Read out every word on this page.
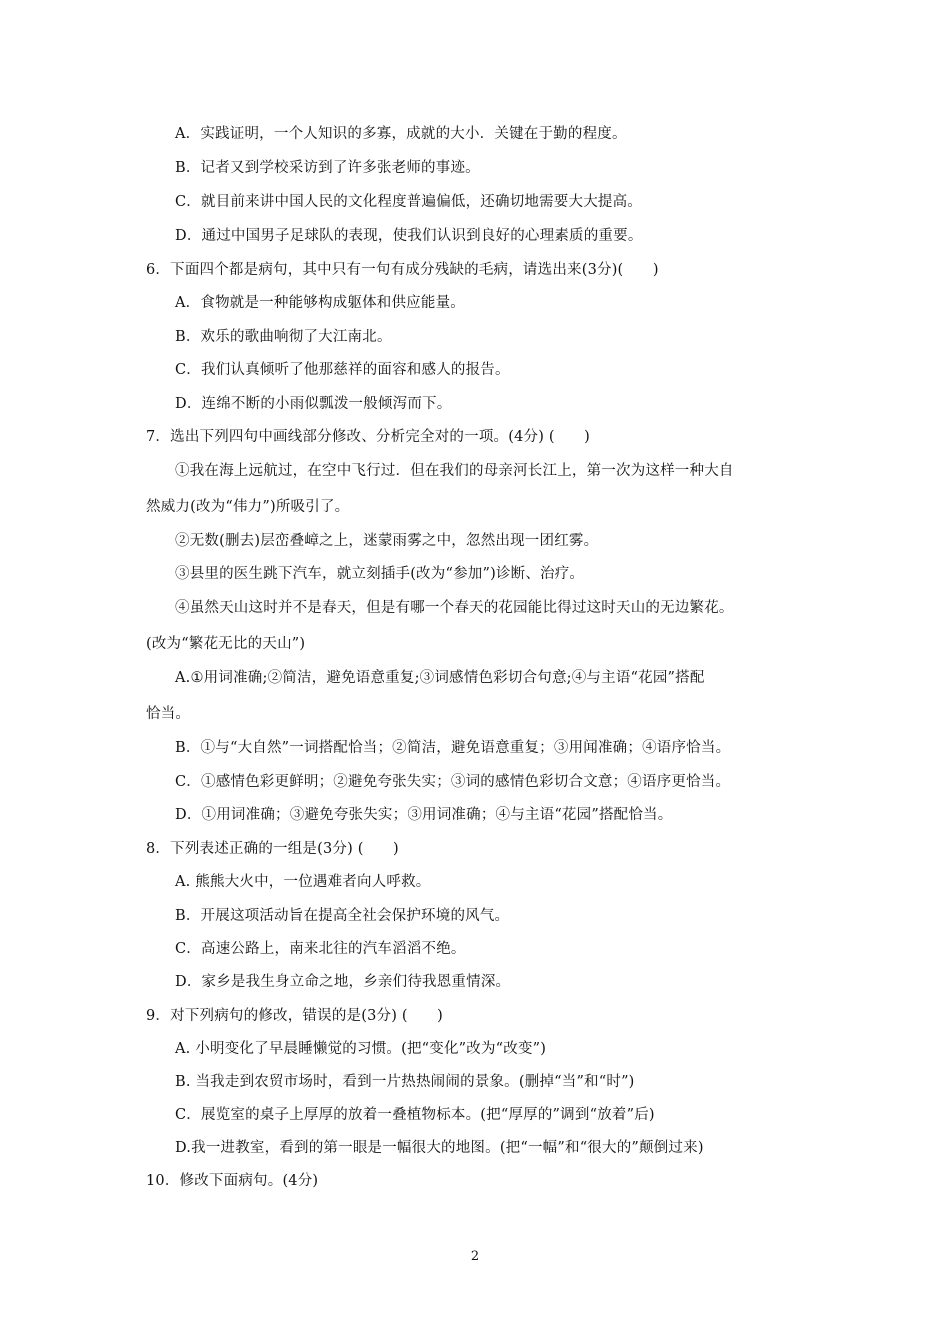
A．实践证明，一个人知识的多寡，成就的大小．关键在于勤的程度。
B．记者又到学校采访到了许多张老师的事迹。
C．就目前来讲中国人民的文化程度普遍偏低，还确切地需要大大提高。
D．通过中国男子足球队的表现，使我们认识到良好的心理素质的重要。
6．下面四个都是病句，其中只有一句有成分残缺的毛病，请选出来(3分)(　　)
A．食物就是一种能够构成躯体和供应能量。
B．欢乐的歌曲响彻了大江南北。
C．我们认真倾听了他那慈祥的面容和感人的报告。
D．连绵不断的小雨似瓢泼一般倾泻而下。
7．选出下列四句中画线部分修改、分析完全对的一项。(4分) (　　)
①我在海上远航过，在空中飞行过．但在我们的母亲河长江上，第一次为这样一种大自
然威力(改为“伟力”)所吸引了。
②无数(删去)层峦叠嶂之上，迷蒙雨雾之中，忽然出现一团红雾。
③县里的医生跳下汽车，就立刻插手(改为“参加”)诊断、治疗。
④虽然天山这时并不是春天，但是有哪一个春天的花园能比得过这时天山的无边繁花。
(改为“繁花无比的天山”)
A.①用词准确;②简洁，避免语意重复;③词感情色彩切合句意;④与主语“花园”搭配
恰当。
B．①与“大自然”一词搭配恰当；②简洁，避免语意重复；③用闻准确；④语序恰当。
C．①感情色彩更鲜明；②避免夸张失实；③词的感情色彩切合文意；④语序更恰当。
D．①用词准确；③避免夸张失实；③用词准确；④与主语“花园”搭配恰当。
8．下列表述正确的一组是(3分) (　　)
A. 熊熊大火中，一位遇难者向人呼救。
B．开展这项活动旨在提高全社会保护环境的风气。
C．高速公路上，南来北往的汽车滔滔不绝。
D．家乡是我生身立命之地，乡亲们待我恩重情深。
9．对下列病句的修改，错误的是(3分) (　　)
A. 小明变化了早晨睡懒觉的习惯。(把“变化”改为“改变”)
B. 当我走到农贸市场时，看到一片热热闹闹的景象。(删掉“当”和“时”)
C．展览室的桌子上厚厚的放着一叠植物标本。(把“厚厚的”调到“放着”后)
D.我一进教室，看到的第一眼是一幅很大的地图。(把“一幅”和“很大的”颠倒过来)
10．修改下面病句。(4分)
2
